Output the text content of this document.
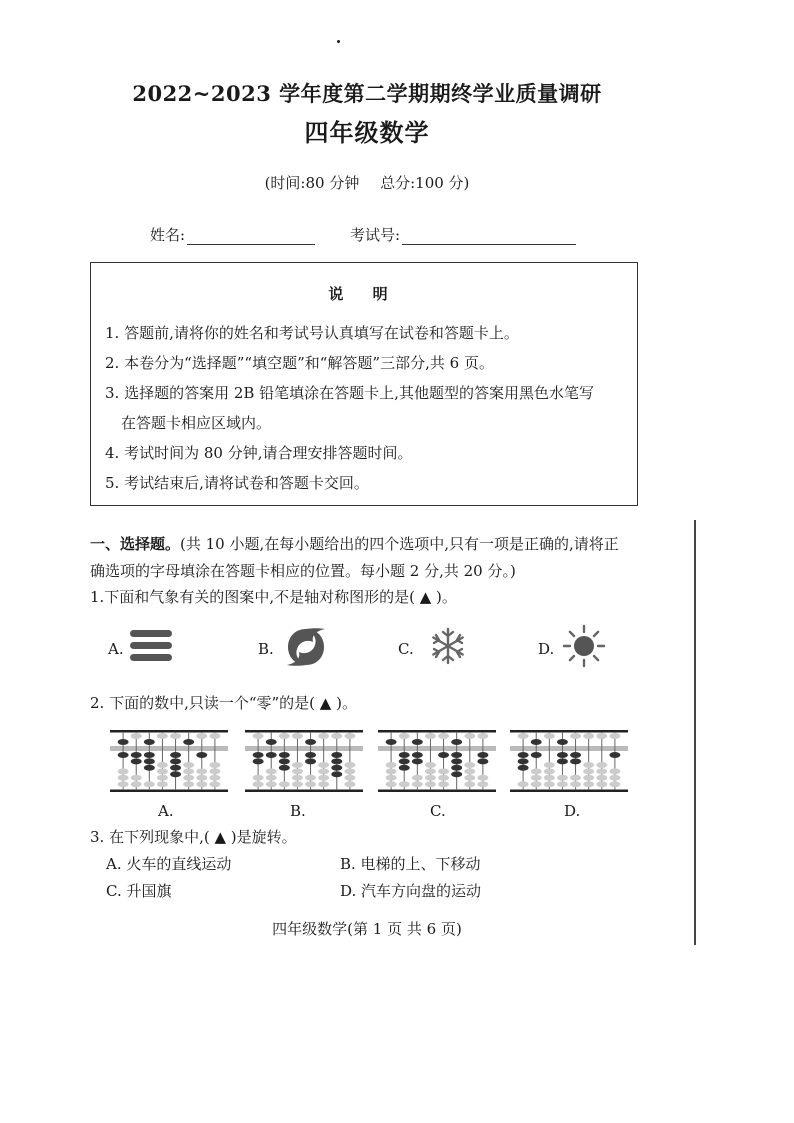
2022~2023 学年度第二学期期终学业质量调研
四年级数学
(时间:80 分钟 总分:100 分)
姓名:	考试号:
说 明
1. 答题前,请将你的姓名和考试号认真填写在试卷和答题卡上。
2. 本卷分为“选择题”“填空题”和“解答题”三部分,共 6 页。
3. 选择题的答案用 2B 铅笔填涂在答题卡上,其他题型的答案用黑色水笔写
在答题卡相应区域内。
4. 考试时间为 80 分钟,请合理安排答题时间。
5. 考试结束后,请将试卷和答题卡交回。
一、选择题。(共 10 小题,在每小题给出的四个选项中,只有一项是正确的,请将正
确选项的字母填涂在答题卡相应的位置。每小题 2 分,共 20 分。)
1.下面和气象有关的图案中,不是轴对称图形的是( ▲ )。
A.	B.	C.	D.
2. 下面的数中,只读一个“零”的是( ▲ )。
A.	B.	C.	D.
3. 在下列现象中,( ▲ )是旋转。
A. 火车的直线运动	B. 电梯的上、下移动
C. 升国旗	D. 汽车方向盘的运动
四年级数学(第 1 页 共 6 页)
